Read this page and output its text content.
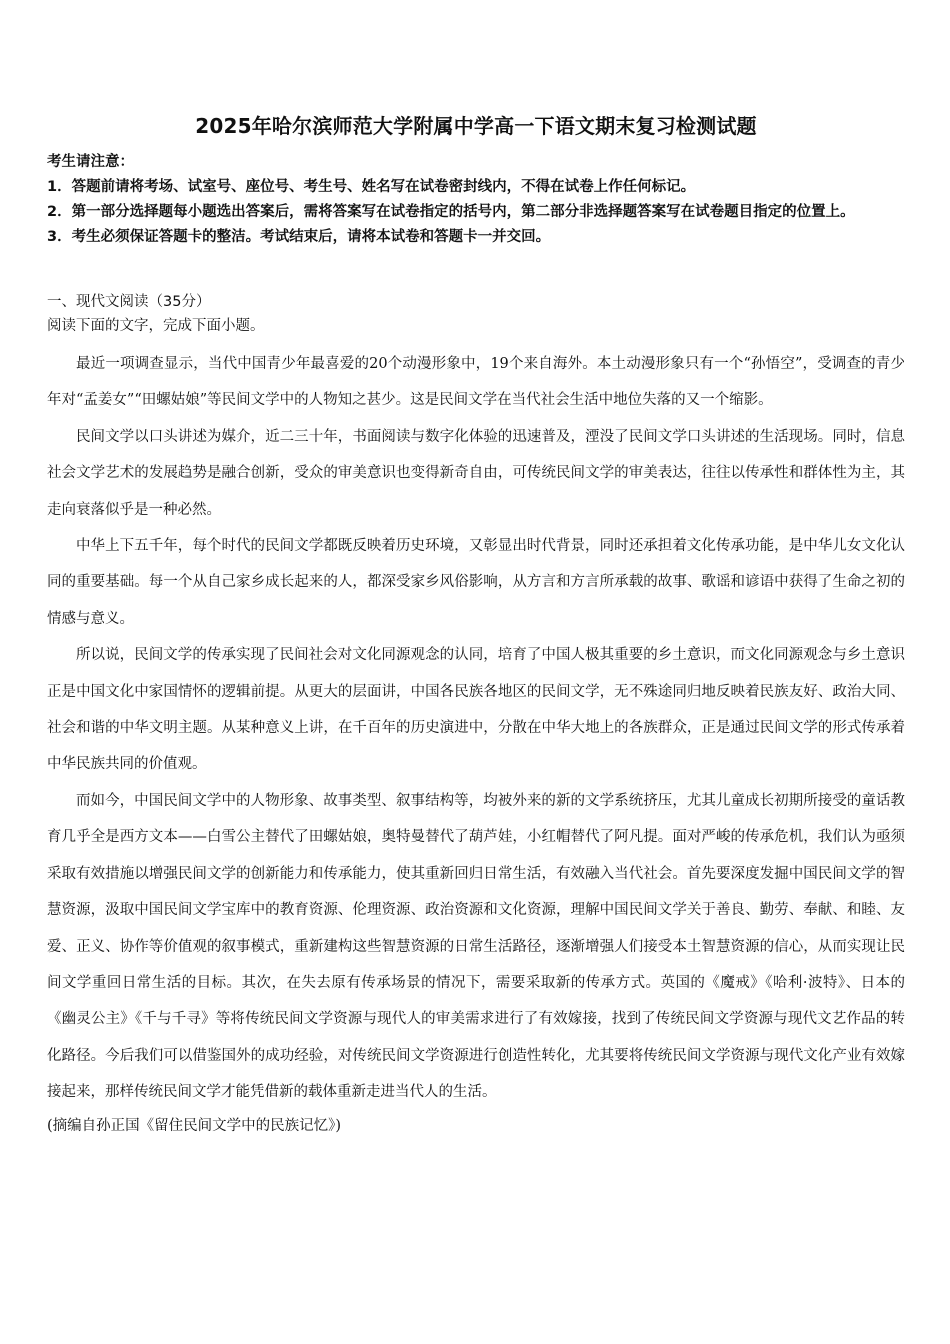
2025年哈尔滨师范大学附属中学高一下语文期末复习检测试题

考生请注意：

1．答题前请将考场、试室号、座位号、考生号、姓名写在试卷密封线内，不得在试卷上作任何标记。

2．第一部分选择题每小题选出答案后，需将答案写在试卷指定的括号内，第二部分非选择题答案写在试卷题目指定的位置上。

3．考生必须保证答题卡的整洁。考试结束后，请将本试卷和答题卡一并交回。

一、现代文阅读（35分）

阅读下面的文字，完成下面小题。

最近一项调查显示，当代中国青少年最喜爱的20个动漫形象中，19个来自海外。本土动漫形象只有一个“孙悟空”，受调查的青少年对“孟姜女”“田螺姑娘”等民间文学中的人物知之甚少。这是民间文学在当代社会生活中地位失落的又一个缩影。

民间文学以口头讲述为媒介，近二三十年，书面阅读与数字化体验的迅速普及，湮没了民间文学口头讲述的生活现场。同时，信息社会文学艺术的发展趋势是融合创新，受众的审美意识也变得新奇自由，可传统民间文学的审美表达，往往以传承性和群体性为主，其走向衰落似乎是一种必然。

中华上下五千年，每个时代的民间文学都既反映着历史环境，又彰显出时代背景，同时还承担着文化传承功能，是中华儿女文化认同的重要基础。每一个从自己家乡成长起来的人，都深受家乡风俗影响，从方言和方言所承载的故事、歌谣和谚语中获得了生命之初的情感与意义。

所以说，民间文学的传承实现了民间社会对文化同源观念的认同，培育了中国人极其重要的乡土意识，而文化同源观念与乡土意识正是中国文化中家国情怀的逻辑前提。从更大的层面讲，中国各民族各地区的民间文学，无不殊途同归地反映着民族友好、政治大同、社会和谐的中华文明主题。从某种意义上讲，在千百年的历史演进中，分散在中华大地上的各族群众，正是通过民间文学的形式传承着中华民族共同的价值观。

而如今，中国民间文学中的人物形象、故事类型、叙事结构等，均被外来的新的文学系统挤压，尤其儿童成长初期所接受的童话教育几乎全是西方文本——白雪公主替代了田螺姑娘，奥特曼替代了葫芦娃，小红帽替代了阿凡提。面对严峻的传承危机，我们认为亟须采取有效措施以增强民间文学的创新能力和传承能力，使其重新回归日常生活，有效融入当代社会。首先要深度发掘中国民间文学的智慧资源，汲取中国民间文学宝库中的教育资源、伦理资源、政治资源和文化资源，理解中国民间文学关于善良、勤劳、奉献、和睦、友爱、正义、协作等价值观的叙事模式，重新建构这些智慧资源的日常生活路径，逐渐增强人们接受本土智慧资源的信心，从而实现让民间文学重回日常生活的目标。其次，在失去原有传承场景的情况下，需要采取新的传承方式。英国的《魔戒》《哈利·波特》、日本的《幽灵公主》《千与千寻》等将传统民间文学资源与现代人的审美需求进行了有效嫁接，找到了传统民间文学资源与现代文艺作品的转化路径。今后我们可以借鉴国外的成功经验，对传统民间文学资源进行创造性转化，尤其要将传统民间文学资源与现代文化产业有效嫁接起来，那样传统民间文学才能凭借新的载体重新走进当代人的生活。

(摘编自孙正国《留住民间文学中的民族记忆》)
